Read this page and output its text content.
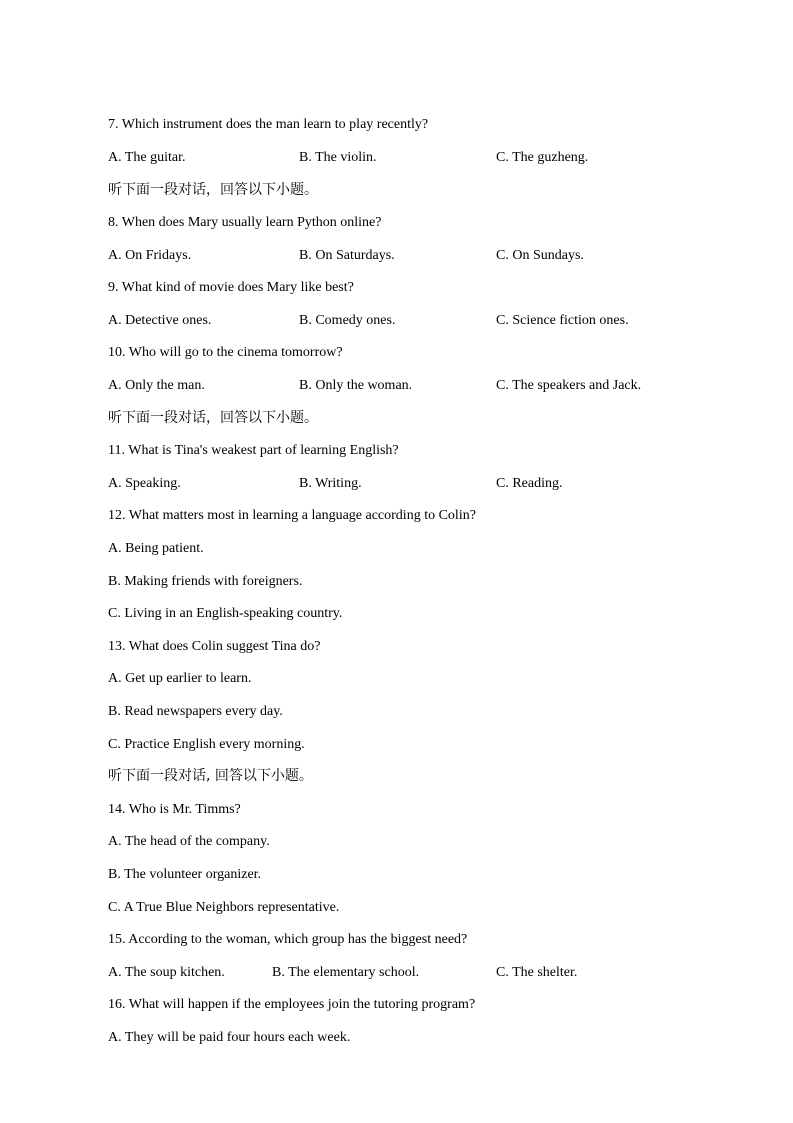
7. Which instrument does the man learn to play recently?
A. The guitar.	B. The violin.	C. The guzheng.
听下面一段对话，回答以下小题。
8. When does Mary usually learn Python online?
A. On Fridays.	B. On Saturdays.	C. On Sundays.
9. What kind of movie does Mary like best?
A. Detective ones.	B. Comedy ones.	C. Science fiction ones.
10. Who will go to the cinema tomorrow?
A. Only the man.	B. Only the woman.	C. The speakers and Jack.
听下面一段对话，回答以下小题。
11. What is Tina's weakest part of learning English?
A. Speaking.	B. Writing.	C. Reading.
12. What matters most in learning a language according to Colin?
A. Being patient.
B. Making friends with foreigners.
C. Living in an English-speaking country.
13. What does Colin suggest Tina do?
A. Get up earlier to learn.
B. Read newspapers every day.
C. Practice English every morning.
听下面一段对话, 回答以下小题。
14. Who is Mr. Timms?
A. The head of the company.
B. The volunteer organizer.
C. A True Blue Neighbors representative.
15. According to the woman, which group has the biggest need?
A. The soup kitchen.	B. The elementary school.	C. The shelter.
16. What will happen if the employees join the tutoring program?
A. They will be paid four hours each week.
